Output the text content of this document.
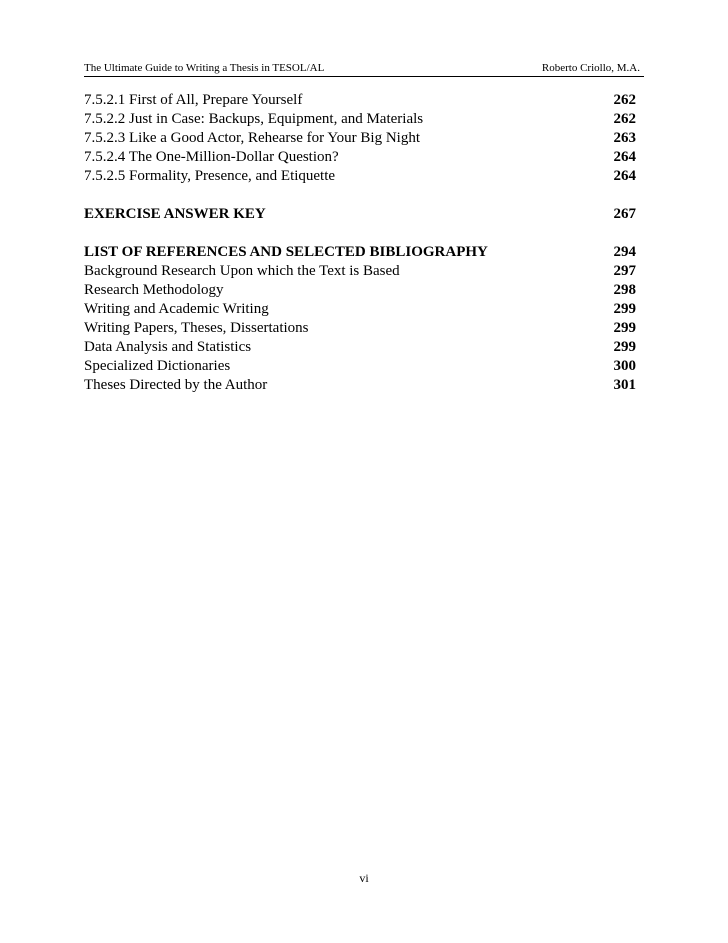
The Ultimate Guide to Writing a Thesis in TESOL/AL	Roberto Criollo, M.A.
7.5.2.1 First of All, Prepare Yourself	262
7.5.2.2 Just in Case: Backups, Equipment, and Materials	262
7.5.2.3 Like a Good Actor, Rehearse for Your Big Night	263
7.5.2.4 The One-Million-Dollar Question?	264
7.5.2.5 Formality, Presence, and Etiquette	264
EXERCISE ANSWER KEY	267
LIST OF REFERENCES AND SELECTED BIBLIOGRAPHY	294
Background Research Upon which the Text is Based	297
Research Methodology	298
Writing and Academic Writing	299
Writing Papers, Theses, Dissertations	299
Data Analysis and Statistics	299
Specialized Dictionaries	300
Theses Directed by the Author	301
vi
